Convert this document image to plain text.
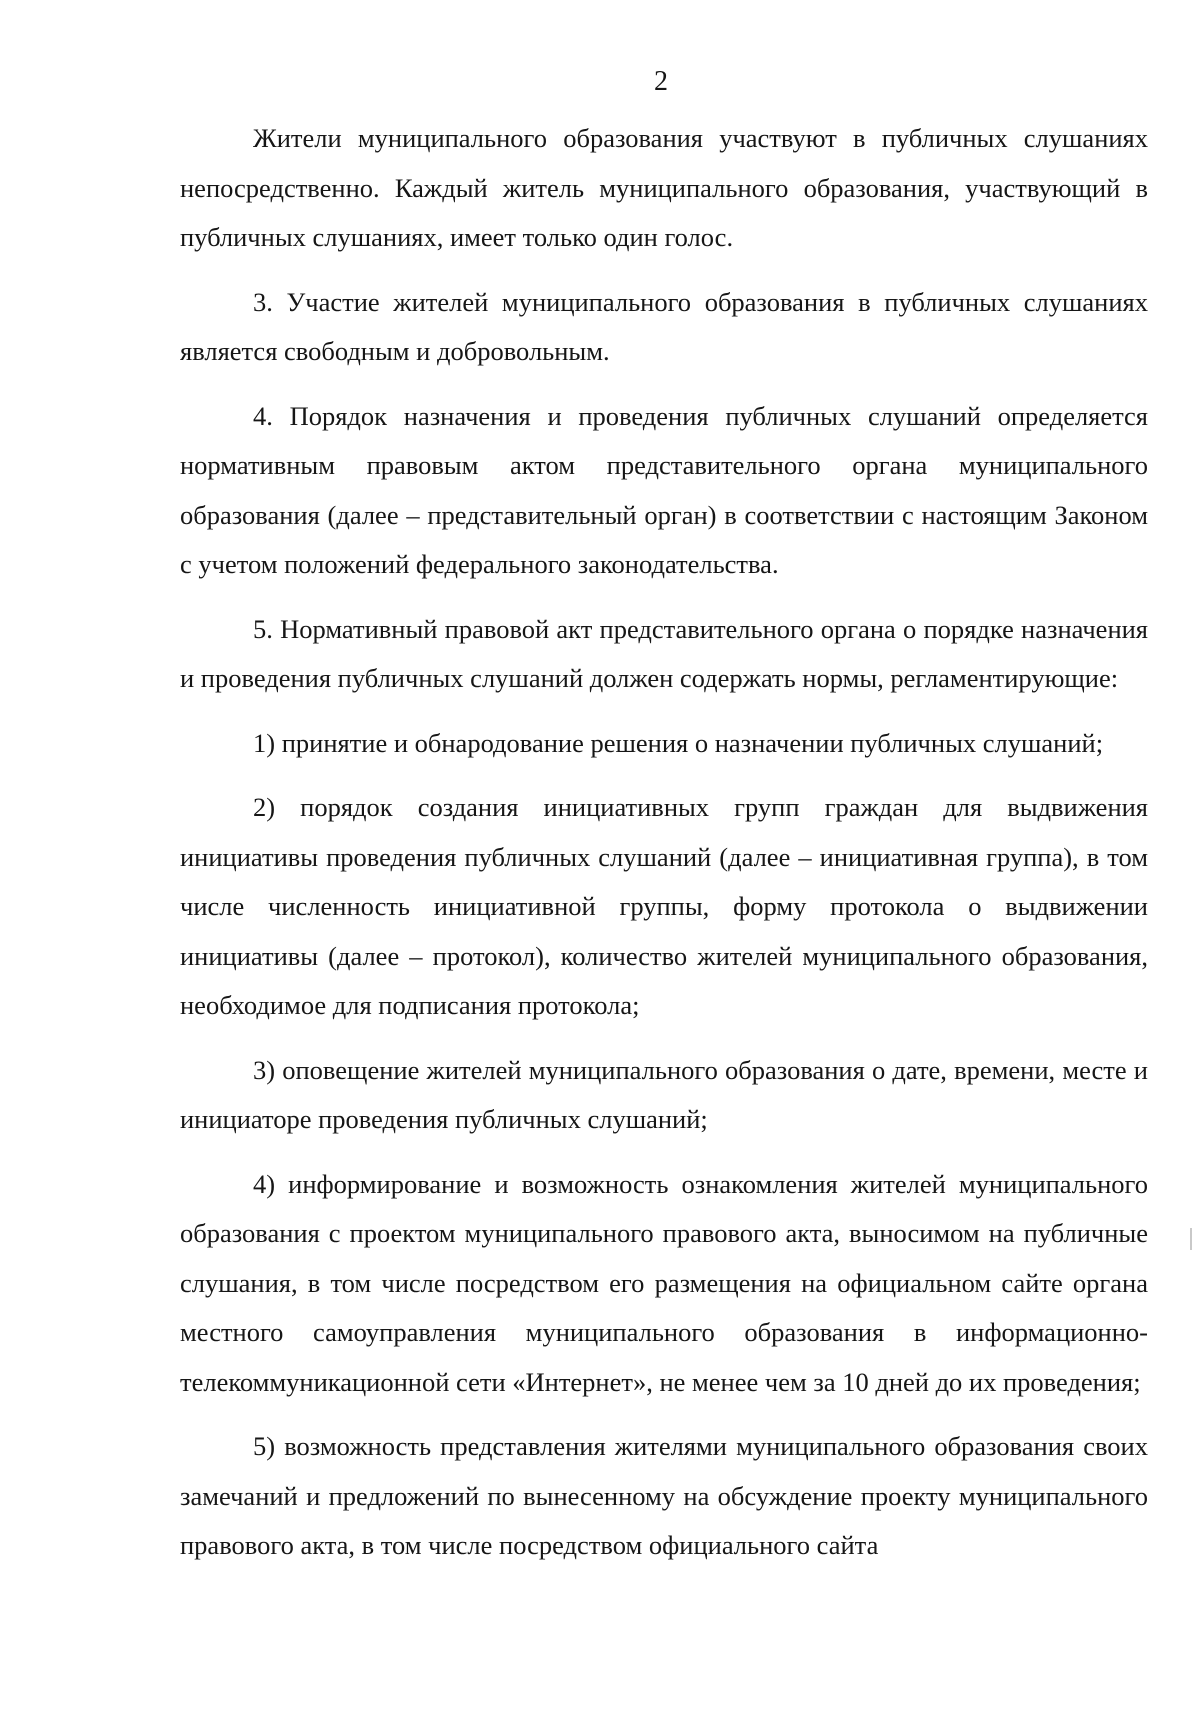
2

Жители муниципального образования участвуют в публичных слушаниях непосредственно. Каждый житель муниципального образования, участвующий в публичных слушаниях, имеет только один голос.

3. Участие жителей муниципального образования в публичных слушаниях является свободным и добровольным.

4. Порядок назначения и проведения публичных слушаний определяется нормативным правовым актом представительного органа муниципального образования (далее – представительный орган) в соответствии с настоящим Законом с учетом положений федерального законодательства.

5. Нормативный правовой акт представительного органа о порядке назначения и проведения публичных слушаний должен содержать нормы, регламентирующие:

1) принятие и обнародование решения о назначении публичных слушаний;

2) порядок создания инициативных групп граждан для выдвижения инициативы проведения публичных слушаний (далее – инициативная группа), в том числе численность инициативной группы, форму протокола о выдвижении инициативы (далее – протокол), количество жителей муниципального образования, необходимое для подписания протокола;

3) оповещение жителей муниципального образования о дате, времени, месте и инициаторе проведения публичных слушаний;

4) информирование и возможность ознакомления жителей муниципального образования с проектом муниципального правового акта, выносимом на публичные слушания, в том числе посредством его размещения на официальном сайте органа местного самоуправления муниципального образования в информационно-телекоммуникационной сети «Интернет», не менее чем за 10 дней до их проведения;

5) возможность представления жителями муниципального образования своих замечаний и предложений по вынесенному на обсуждение проекту муниципального правового акта, в том числе посредством официального сайта
